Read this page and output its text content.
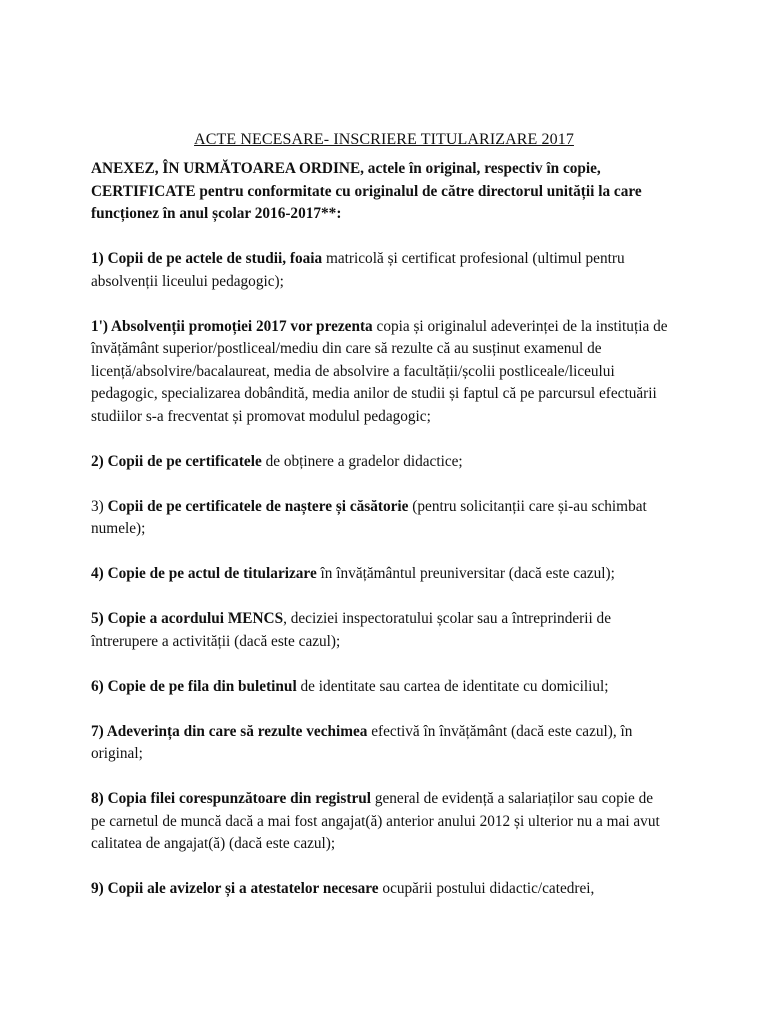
ACTE NECESARE- INSCRIERE TITULARIZARE 2017

ANEXEZ, ÎN URMĂTOAREA ORDINE, actele în original, respectiv în copie, CERTIFICATE pentru conformitate cu originalul de către directorul unității la care funcționez în anul școlar 2016-2017**:

1) Copii de pe actele de studii, foaia matricolă și certificat profesional (ultimul pentru absolvenții liceului pedagogic);

1') Absolvenții promoției 2017 vor prezenta copia și originalul adeverinței de la instituția de învățământ superior/postliceal/mediu din care să rezulte că au susținut examenul de licență/absolvire/bacalaureat, media de absolvire a facultății/școlii postliceale/liceului pedagogic, specializarea dobândită, media anilor de studii și faptul că pe parcursul efectuării studiilor s-a frecventat și promovat modulul pedagogic;

2) Copii de pe certificatele de obținere a gradelor didactice;

3) Copii de pe certificatele de naștere și căsătorie (pentru solicitanții care și-au schimbat numele);

4) Copie de pe actul de titularizare în învățământul preuniversitar (dacă este cazul);

5) Copie a acordului MENCS, deciziei inspectoratului școlar sau a întreprinderii de întrerupere a activității (dacă este cazul);

6) Copie de pe fila din buletinul de identitate sau cartea de identitate cu domiciliul;

7) Adeverința din care să rezulte vechimea efectivă în învățământ (dacă este cazul), în original;

8) Copia filei corespunzătoare din registrul general de evidență a salariaților sau copie de pe carnetul de muncă dacă a mai fost angajat(ă) anterior anului 2012 și ulterior nu a mai avut calitatea de angajat(ă) (dacă este cazul);

9) Copii ale avizelor și a atestatelor necesare ocupării postului didactic/catedrei,
